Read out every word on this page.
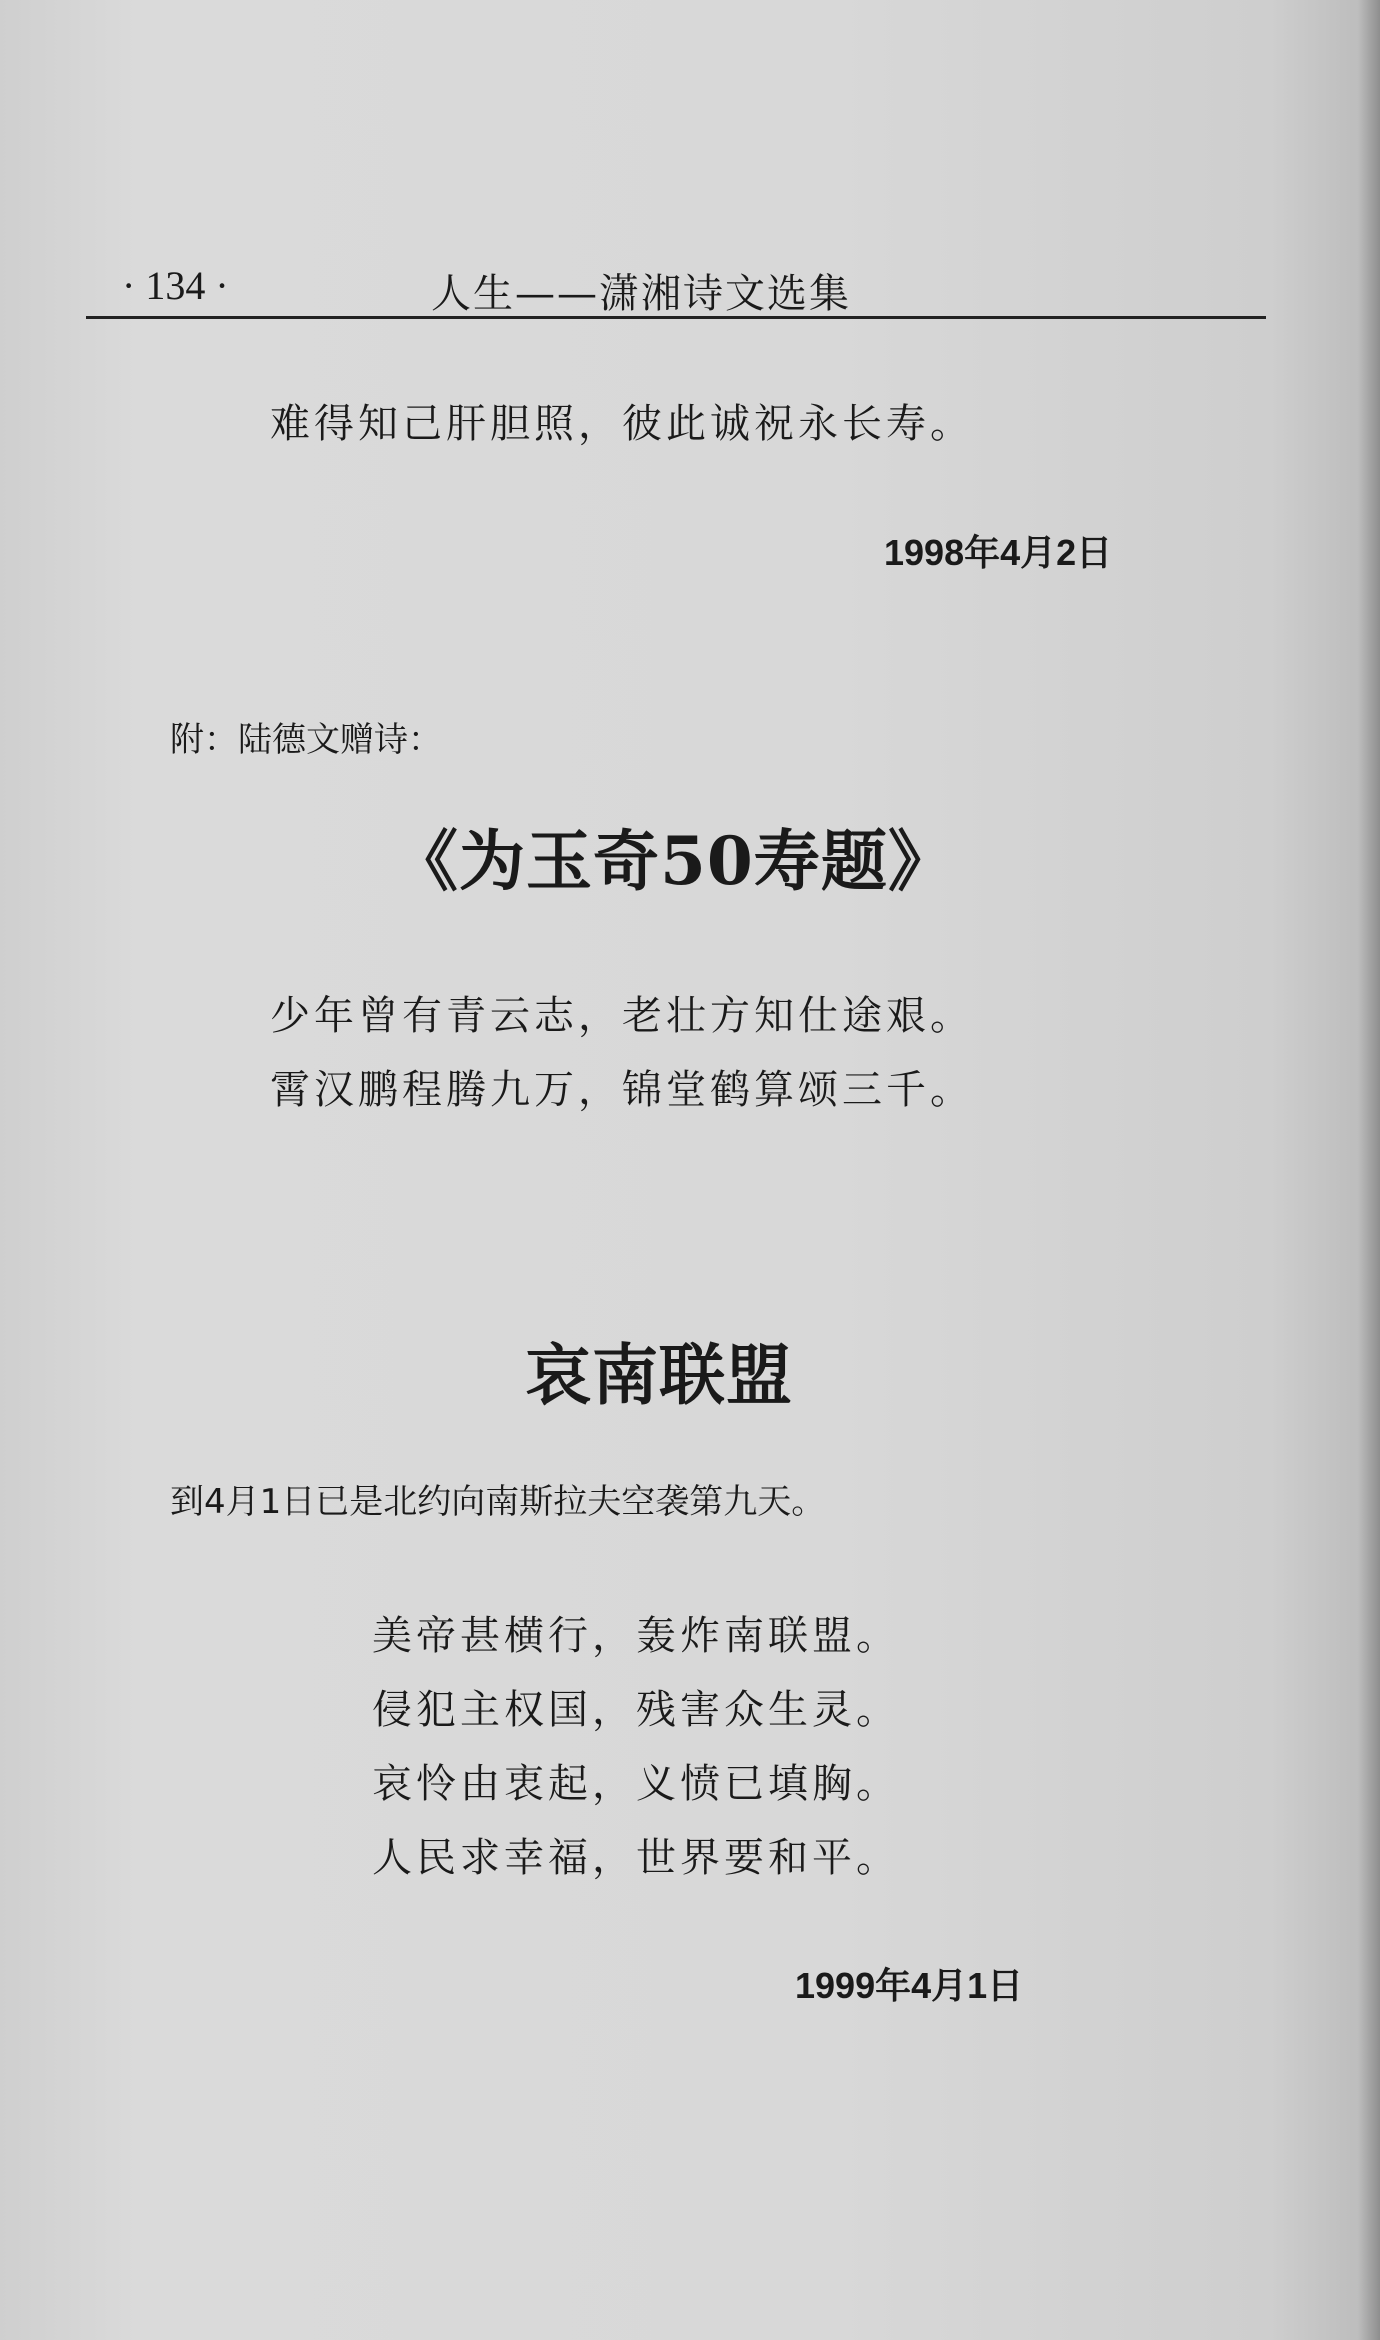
· 134 ·	人生——潇湘诗文选集
难得知己肝胆照，彼此诚祝永长寿。
1998年4月2日
附：陆德文赠诗：
《为玉奇50寿题》
少年曾有青云志，老壮方知仕途艰。
霄汉鹏程腾九万，锦堂鹤算颂三千。
哀南联盟
到4月1日已是北约向南斯拉夫空袭第九天。
美帝甚横行，轰炸南联盟。
侵犯主权国，残害众生灵。
哀怜由衷起，义愤已填胸。
人民求幸福，世界要和平。
1999年4月1日
